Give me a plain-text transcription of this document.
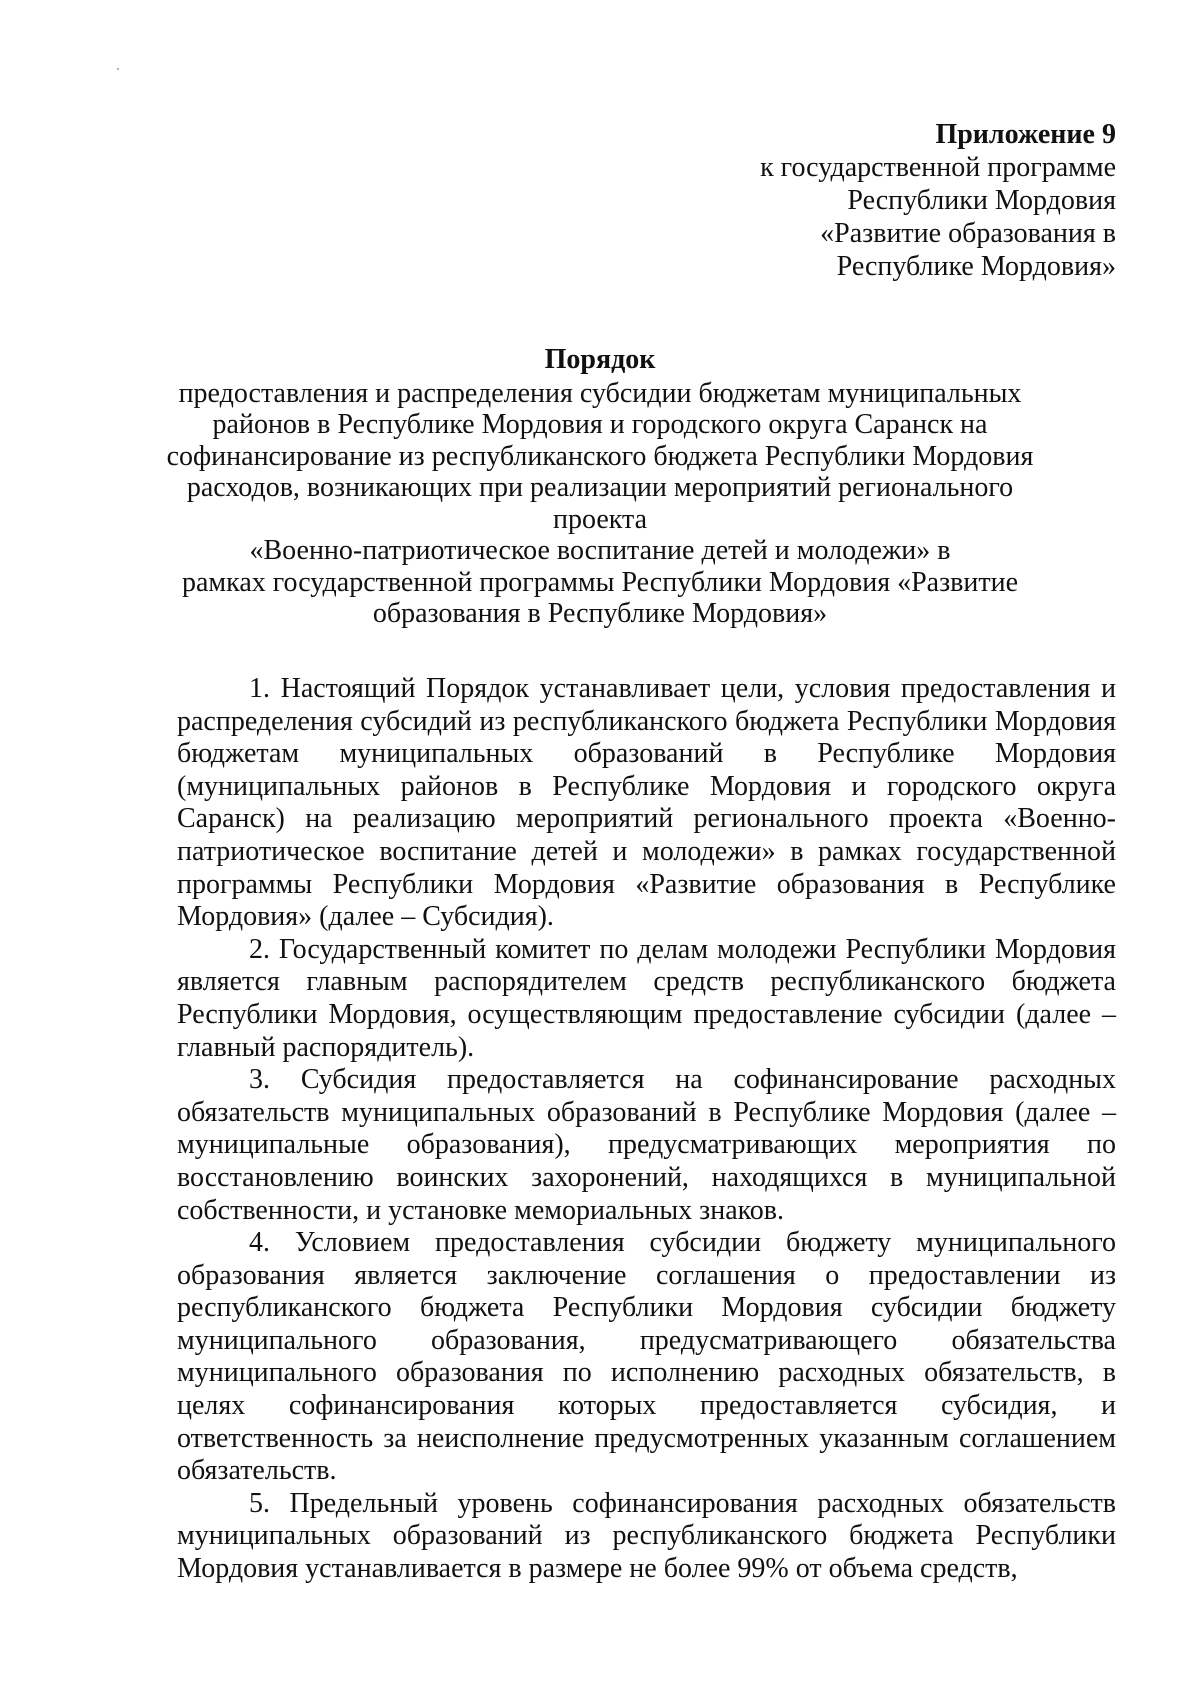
Приложение 9
к государственной программе
Республики Мордовия
«Развитие образования в
Республике Мордовия»
Порядок
предоставления и распределения субсидии бюджетам муниципальных
районов в Республике Мордовия и городского округа Саранск на
софинансирование из республиканского бюджета Республики Мордовия
расходов, возникающих при реализации мероприятий регионального проекта
«Военно-патриотическое воспитание детей и молодежи» в
рамках государственной программы Республики Мордовия «Развитие
образования в Республике Мордовия»

1. Настоящий Порядок устанавливает цели, условия предоставления и распределения субсидий из республиканского бюджета Республики Мордовия бюджетам муниципальных образований в Республике Мордовия (муниципальных районов в Республике Мордовия и городского округа Саранск) на реализацию мероприятий регионального проекта «Военно-патриотическое воспитание детей и молодежи» в рамках государственной программы Республики Мордовия «Развитие образования в Республике Мордовия» (далее – Субсидия).

2. Государственный комитет по делам молодежи Республики Мордовия является главным распорядителем средств республиканского бюджета Республики Мордовия, осуществляющим предоставление субсидии (далее – главный распорядитель).

3. Субсидия предоставляется на софинансирование расходных обязательств муниципальных образований в Республике Мордовия (далее – муниципальные образования), предусматривающих мероприятия по восстановлению воинских захоронений, находящихся в муниципальной собственности, и установке мемориальных знаков.

4. Условием предоставления субсидии бюджету муниципального образования является заключение соглашения о предоставлении из республиканского бюджета Республики Мордовия субсидии бюджету муниципального образования, предусматривающего обязательства муниципального образования по исполнению расходных обязательств, в целях софинансирования которых предоставляется субсидия, и ответственность за неисполнение предусмотренных указанным соглашением обязательств.

5. Предельный уровень софинансирования расходных обязательств муниципальных образований из республиканского бюджета Республики Мордовия устанавливается в размере не более 99% от объема средств,
